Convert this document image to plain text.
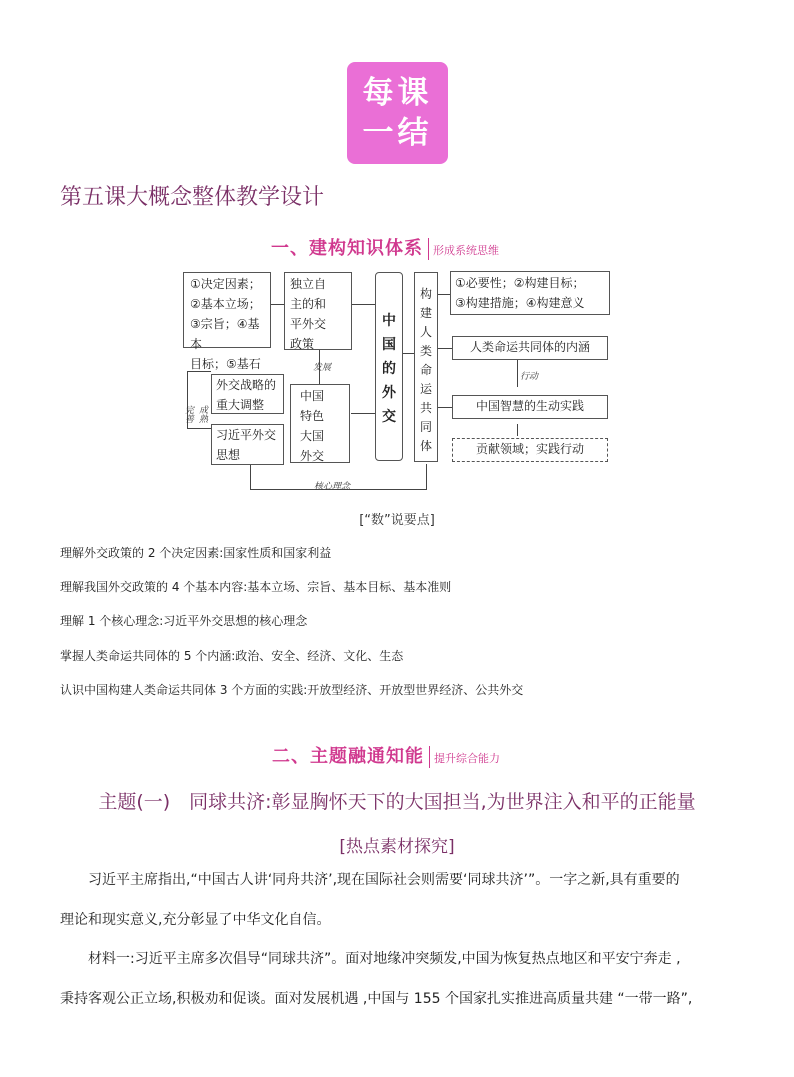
每课
一结
第五课大概念整体教学设计
一、建构知识体系 形成系统思维
①决定因素；
②基本立场；
③宗旨；④基本
目标；⑤基石
独立自
主的和
平外交
政策
发展
中国
特色
大国
外交
中
国
的
外
交
构
建
人
类
命
运
共
同
体
①必要性；②构建目标；
③构建措施；④构建意义
人类命运共同体的内涵
行动
中国智慧的生动实践
贡献领域；实践行动
外交战略的
重大调整
习近平外交
思想
成熟
完善
核心理念
[“数”说要点]
理解外交政策的 2 个决定因素:国家性质和国家利益
理解我国外交政策的 4 个基本内容:基本立场、宗旨、基本目标、基本准则
理解 1 个核心理念:习近平外交思想的核心理念
掌握人类命运共同体的 5 个内涵:政治、安全、经济、文化、生态
认识中国构建人类命运共同体 3 个方面的实践:开放型经济、开放型世界经济、公共外交
二、主题融通知能 提升综合能力
主题(一)　同球共济:彰显胸怀天下的大国担当,为世界注入和平的正能量
[热点素材探究]
习近平主席指出,“中国古人讲‘同舟共济’,现在国际社会则需要‘同球共济’”。一字之新,具有重要的
理论和现实意义,充分彰显了中华文化自信。
材料一:习近平主席多次倡导“同球共济”。面对地缘冲突频发,中国为恢复热点地区和平安宁奔走 ,
秉持客观公正立场,积极劝和促谈。面对发展机遇 ,中国与 155 个国家扎实推进高质量共建 “一带一路”,
